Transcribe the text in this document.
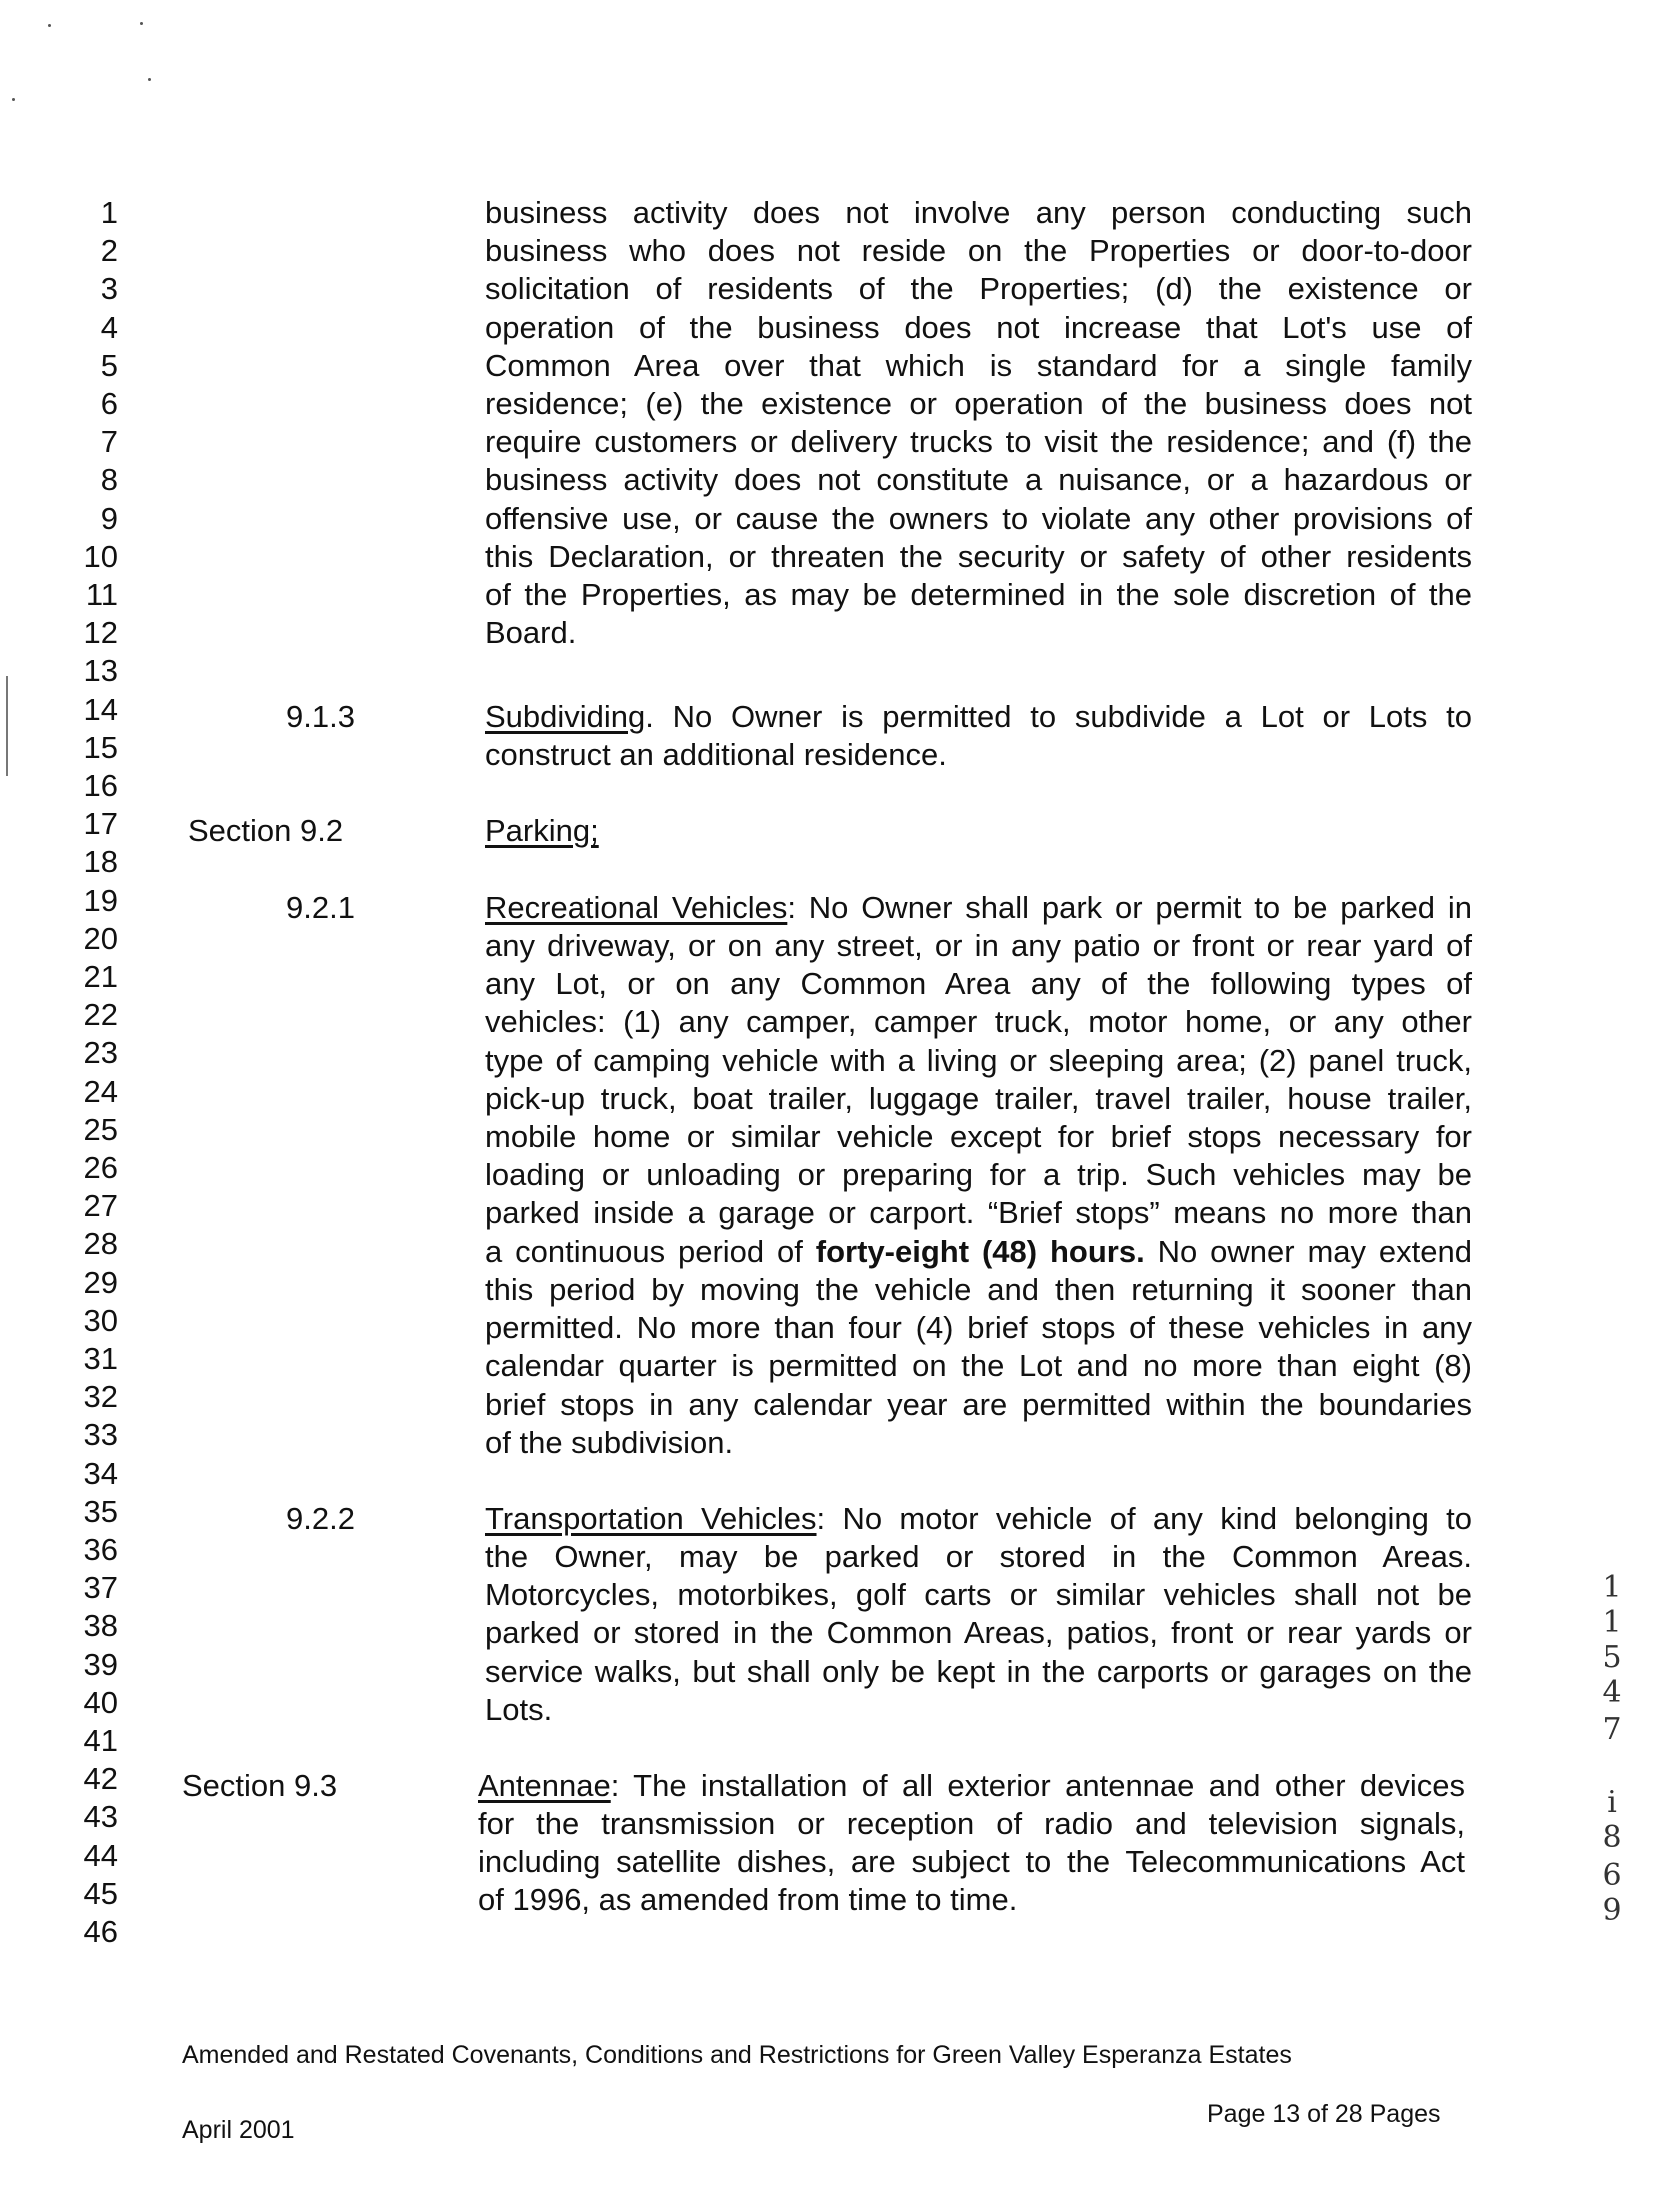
1
2
3
4
5
6
7
8
9
10
11
12
13
14
15
16
17
18
19
20
21
22
23
24
25
26
27
28
29
30
31
32
33
34
35
36
37
38
39
40
41
42
43
44
45
46
business activity does not involve any person conducting such
business who does not reside on the Properties or door-to-door
solicitation of residents of the Properties; (d) the existence or
operation of the business does not increase that Lot's use of
Common Area over that which is standard for a single family
residence; (e) the existence or operation of the business does not
require customers or delivery trucks to visit the residence; and (f) the
business activity does not constitute a nuisance, or a hazardous or
offensive use, or cause the owners to violate any other provisions of
this Declaration, or threaten the security or safety of other residents
of the Properties, as may be determined in the sole discretion of the
Board.
9.1.3	Subdividing. No Owner is permitted to subdivide a Lot or Lots to
construct an additional residence.
Section 9.2	Parking;
9.2.1	Recreational Vehicles: No Owner shall park or permit to be parked in
any driveway, or on any street, or in any patio or front or rear yard of
any Lot, or on any Common Area any of the following types of
vehicles: (1) any camper, camper truck, motor home, or any other
type of camping vehicle with a living or sleeping area; (2) panel truck,
pick-up truck, boat trailer, luggage trailer, travel trailer, house trailer,
mobile home or similar vehicle except for brief stops necessary for
loading or unloading or preparing for a trip. Such vehicles may be
parked inside a garage or carport. “Brief stops” means no more than
a continuous period of forty-eight (48) hours. No owner may extend
this period by moving the vehicle and then returning it sooner than
permitted. No more than four (4) brief stops of these vehicles in any
calendar quarter is permitted on the Lot and no more than eight (8)
brief stops in any calendar year are permitted within the boundaries
of the subdivision.
9.2.2	Transportation Vehicles: No motor vehicle of any kind belonging to
the Owner, may be parked or stored in the Common Areas.
Motorcycles, motorbikes, golf carts or similar vehicles shall not be
parked or stored in the Common Areas, patios, front or rear yards or
service walks, but shall only be kept in the carports or garages on the
Lots.
Section 9.3	Antennae: The installation of all exterior antennae and other devices
for the transmission or reception of radio and television signals,
including satellite dishes, are subject to the Telecommunications Act
of 1996, as amended from time to time.
1
1
5
4
7
i
8
6
9
Amended and Restated Covenants, Conditions and Restrictions for Green Valley Esperanza Estates
April 2001
Page 13 of 28 Pages
